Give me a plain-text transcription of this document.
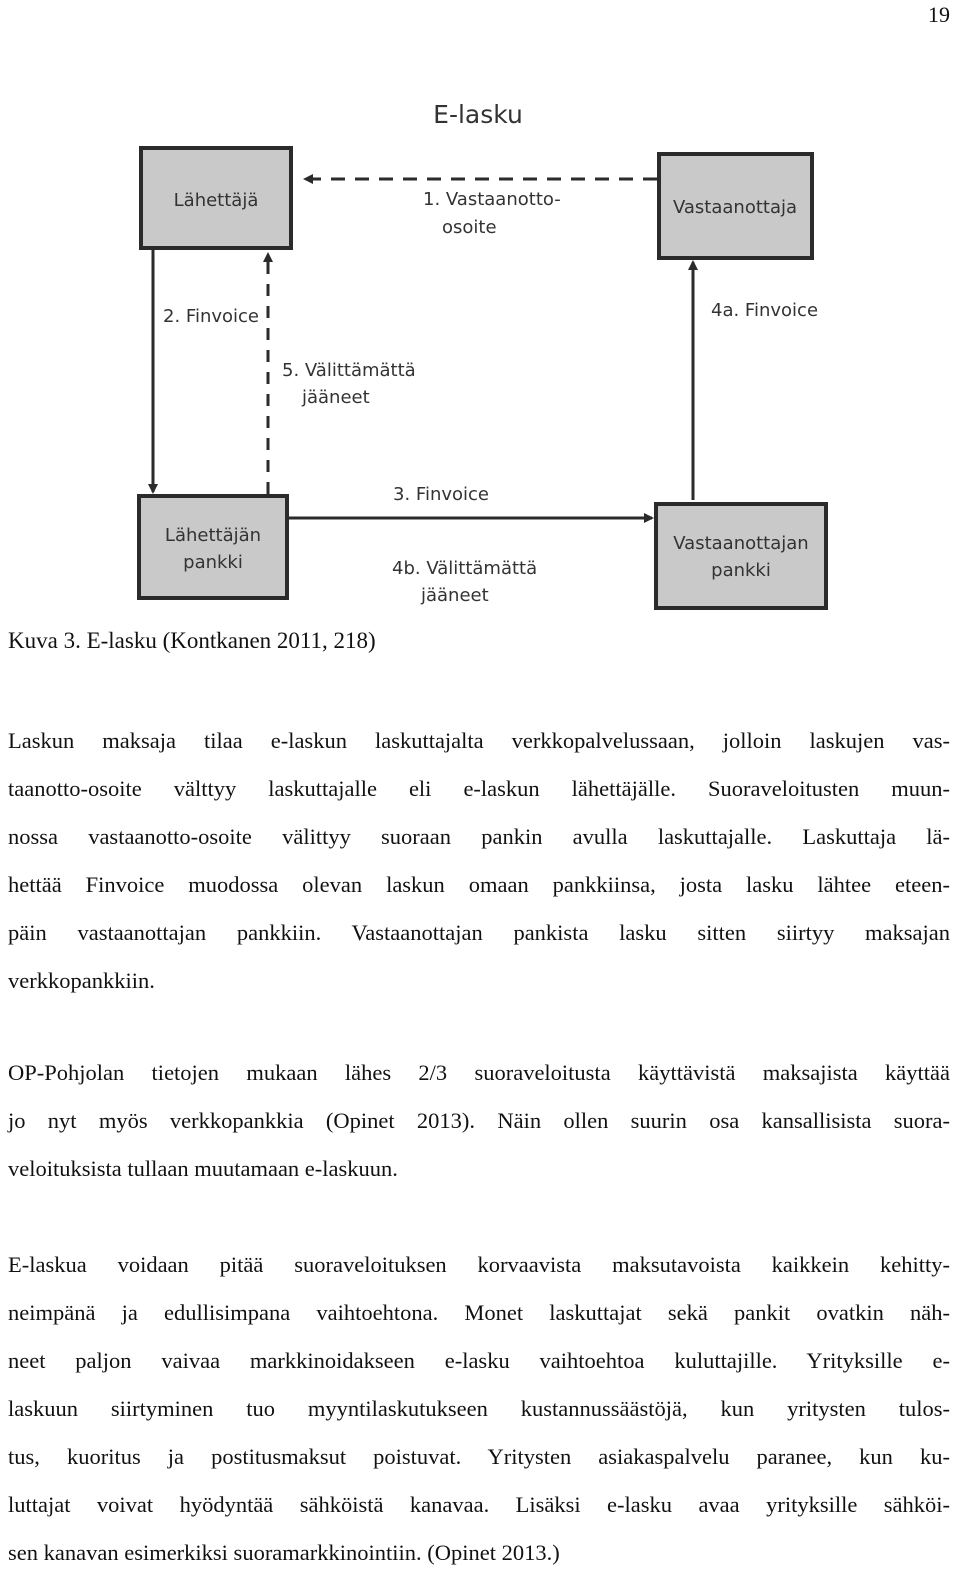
19
E-lasku
Lähettäjä	Vastaanottaja
Lähettäjän
pankki
Vastaanottajan
pankki
1. Vastaanotto-
osoite
2. Finvoice
5. Välittämättä
jääneet
3. Finvoice
4b. Välittämättä
jääneet
4a. Finvoice

Kuva 3. E-lasku (Kontkanen 2011, 218)

Laskun maksaja tilaa e-laskun laskuttajalta verkkopalvelussaan, jolloin laskujen vas-
taanotto-osoite välttyy laskuttajalle eli e-laskun lähettäjälle. Suoraveloitusten muun-
nossa vastaanotto-osoite välittyy suoraan pankin avulla laskuttajalle. Laskuttaja lä-
hettää Finvoice muodossa olevan laskun omaan pankkiinsa, josta lasku lähtee eteen-
päin vastaanottajan pankkiin. Vastaanottajan pankista lasku sitten siirtyy maksajan
verkkopankkiin.
OP-Pohjolan tietojen mukaan lähes 2/3 suoraveloitusta käyttävistä maksajista käyttää
jo nyt myös verkkopankkia (Opinet 2013). Näin ollen suurin osa kansallisista suora-
veloituksista tullaan muutamaan e-laskuun.
E-laskua voidaan pitää suoraveloituksen korvaavista maksutavoista kaikkein kehitty-
neimpänä ja edullisimpana vaihtoehtona. Monet laskuttajat sekä pankit ovatkin näh-
neet paljon vaivaa markkinoidakseen e-lasku vaihtoehtoa kuluttajille. Yrityksille e-
laskuun siirtyminen tuo myyntilaskutukseen kustannussäästöjä, kun yritysten tulos-
tus, kuoritus ja postitusmaksut poistuvat. Yritysten asiakaspalvelu paranee, kun ku-
luttajat voivat hyödyntää sähköistä kanavaa. Lisäksi e-lasku avaa yrityksille sähköi-
sen kanavan esimerkiksi suoramarkkinointiin. (Opinet 2013.)
